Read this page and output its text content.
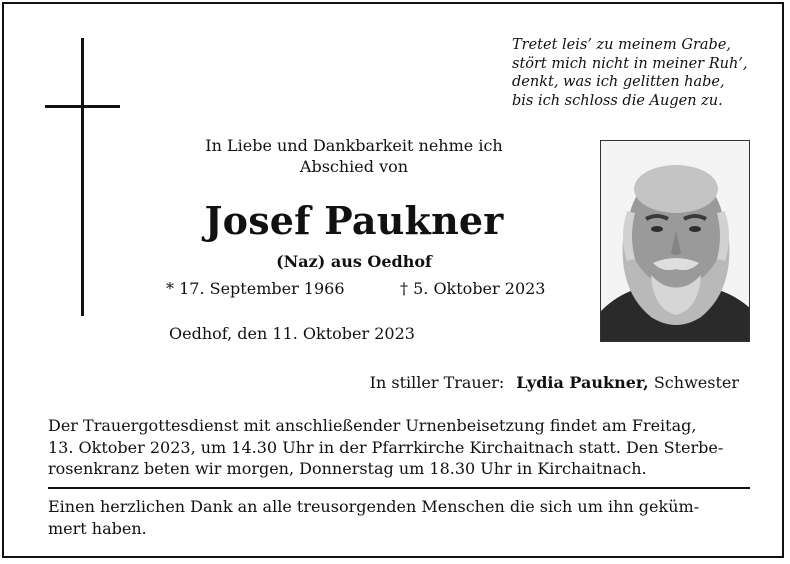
Tretet leis’ zu meinem Grabe,
stört mich nicht in meiner Ruh’,
denkt, was ich gelitten habe,
bis ich schloss die Augen zu.
In Liebe und Dankbarkeit nehme ich
Abschied von
Josef Paukner
(Naz) aus Oedhof
* 17. September 1966	† 5. Oktober 2023
Oedhof, den 11. Oktober 2023
In stiller Trauer: Lydia Paukner, Schwester
Der Trauergottesdienst mit anschließender Urnenbeisetzung findet am Freitag,
13. Oktober 2023, um 14.30 Uhr in der Pfarrkirche Kirchaitnach statt. Den Sterbe-
rosenkranz beten wir morgen, Donnerstag um 18.30 Uhr in Kirchaitnach.
Einen herzlichen Dank an alle treusorgenden Menschen die sich um ihn geküm-
mert haben.
